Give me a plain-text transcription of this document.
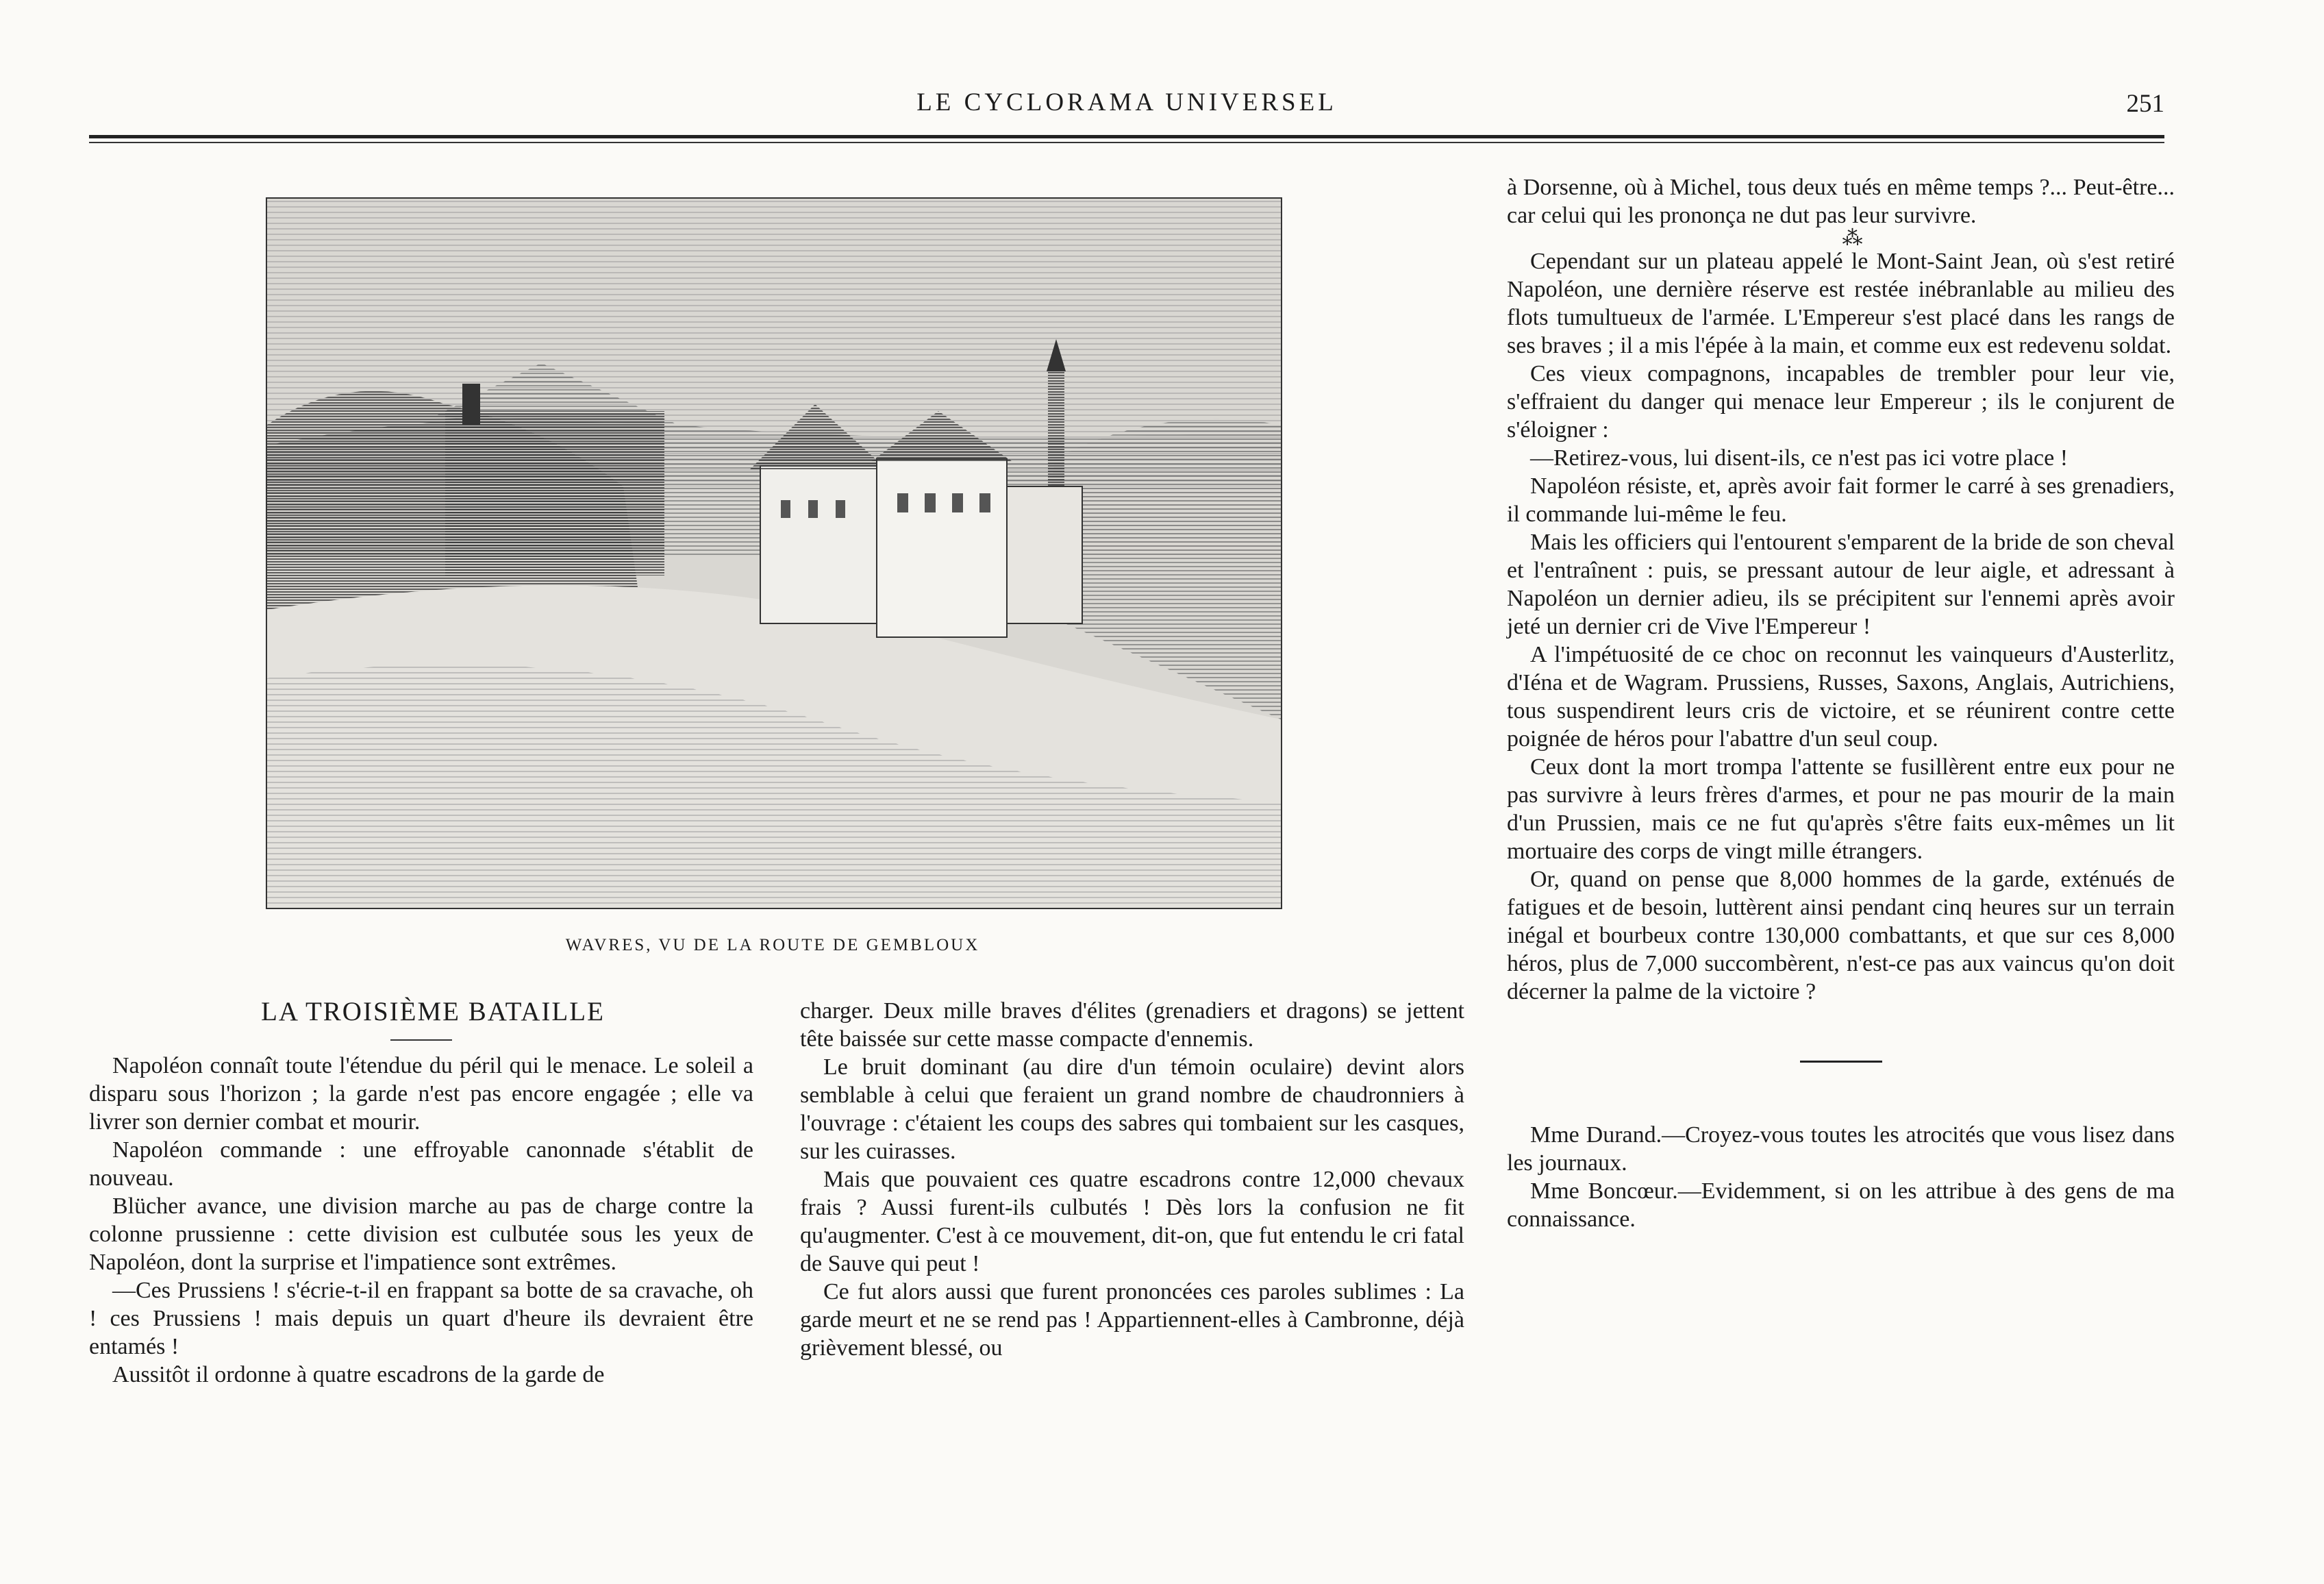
LE CYCLORAMA UNIVERSEL	251
WAVRES, VU DE LA ROUTE DE GEMBLOUX

LA TROISIÈME BATAILLE

Napoléon connaît toute l'étendue du péril qui le menace. Le soleil a disparu sous l'horizon ; la garde n'est pas encore engagée ; elle va livrer son dernier combat et mourir.

Napoléon commande : une effroyable canonnade s'établit de nouveau.

Blücher avance, une division marche au pas de charge contre la colonne prussienne : cette division est culbutée sous les yeux de Napoléon, dont la surprise et l'impatience sont extrêmes.

—Ces Prussiens ! s'écrie-t-il en frappant sa botte de sa cravache, oh ! ces Prussiens ! mais depuis un quart d'heure ils devraient être entamés !

Aussitôt il ordonne à quatre escadrons de la garde de

charger. Deux mille braves d'élites (grenadiers et dragons) se jettent tête baissée sur cette masse compacte d'ennemis.

Le bruit dominant (au dire d'un témoin oculaire) devint alors semblable à celui que feraient un grand nombre de chaudronniers à l'ouvrage : c'étaient les coups des sabres qui tombaient sur les casques, sur les cuirasses.

Mais que pouvaient ces quatre escadrons contre 12,000 chevaux frais ? Aussi furent-ils culbutés ! Dès lors la confusion ne fit qu'augmenter. C'est à ce mouvement, dit-on, que fut entendu le cri fatal de Sauve qui peut !

Ce fut alors aussi que furent prononcées ces paroles sublimes : La garde meurt et ne se rend pas ! Appartiennent-elles à Cambronne, déjà grièvement blessé, ou

à Dorsenne, où à Michel, tous deux tués en même temps ?... Peut-être... car celui qui les prononça ne dut pas leur survivre.

⁂

Cependant sur un plateau appelé le Mont-Saint Jean, où s'est retiré Napoléon, une dernière réserve est restée inébranlable au milieu des flots tumultueux de l'armée. L'Empereur s'est placé dans les rangs de ses braves ; il a mis l'épée à la main, et comme eux est redevenu soldat.

Ces vieux compagnons, incapables de trembler pour leur vie, s'effraient du danger qui menace leur Empereur ; ils le conjurent de s'éloigner :

—Retirez-vous, lui disent-ils, ce n'est pas ici votre place !

Napoléon résiste, et, après avoir fait former le carré à ses grenadiers, il commande lui-même le feu.

Mais les officiers qui l'entourent s'emparent de la bride de son cheval et l'entraînent : puis, se pressant autour de leur aigle, et adressant à Napoléon un dernier adieu, ils se précipitent sur l'ennemi après avoir jeté un dernier cri de Vive l'Empereur !

A l'impétuosité de ce choc on reconnut les vainqueurs d'Austerlitz, d'Iéna et de Wagram. Prussiens, Russes, Saxons, Anglais, Autrichiens, tous suspendirent leurs cris de victoire, et se réunirent contre cette poignée de héros pour l'abattre d'un seul coup.

Ceux dont la mort trompa l'attente se fusillèrent entre eux pour ne pas survivre à leurs frères d'armes, et pour ne pas mourir de la main d'un Prussien, mais ce ne fut qu'après s'être faits eux-mêmes un lit mortuaire des corps de vingt mille étrangers.

Or, quand on pense que 8,000 hommes de la garde, exténués de fatigues et de besoin, luttèrent ainsi pendant cinq heures sur un terrain inégal et bourbeux contre 130,000 combattants, et que sur ces 8,000 héros, plus de 7,000 succombèrent, n'est-ce pas aux vaincus qu'on doit décerner la palme de la victoire ?

Mme Durand.—Croyez-vous toutes les atrocités que vous lisez dans les journaux.

Mme Boncœur.—Evidemment, si on les attribue à des gens de ma connaissance.
